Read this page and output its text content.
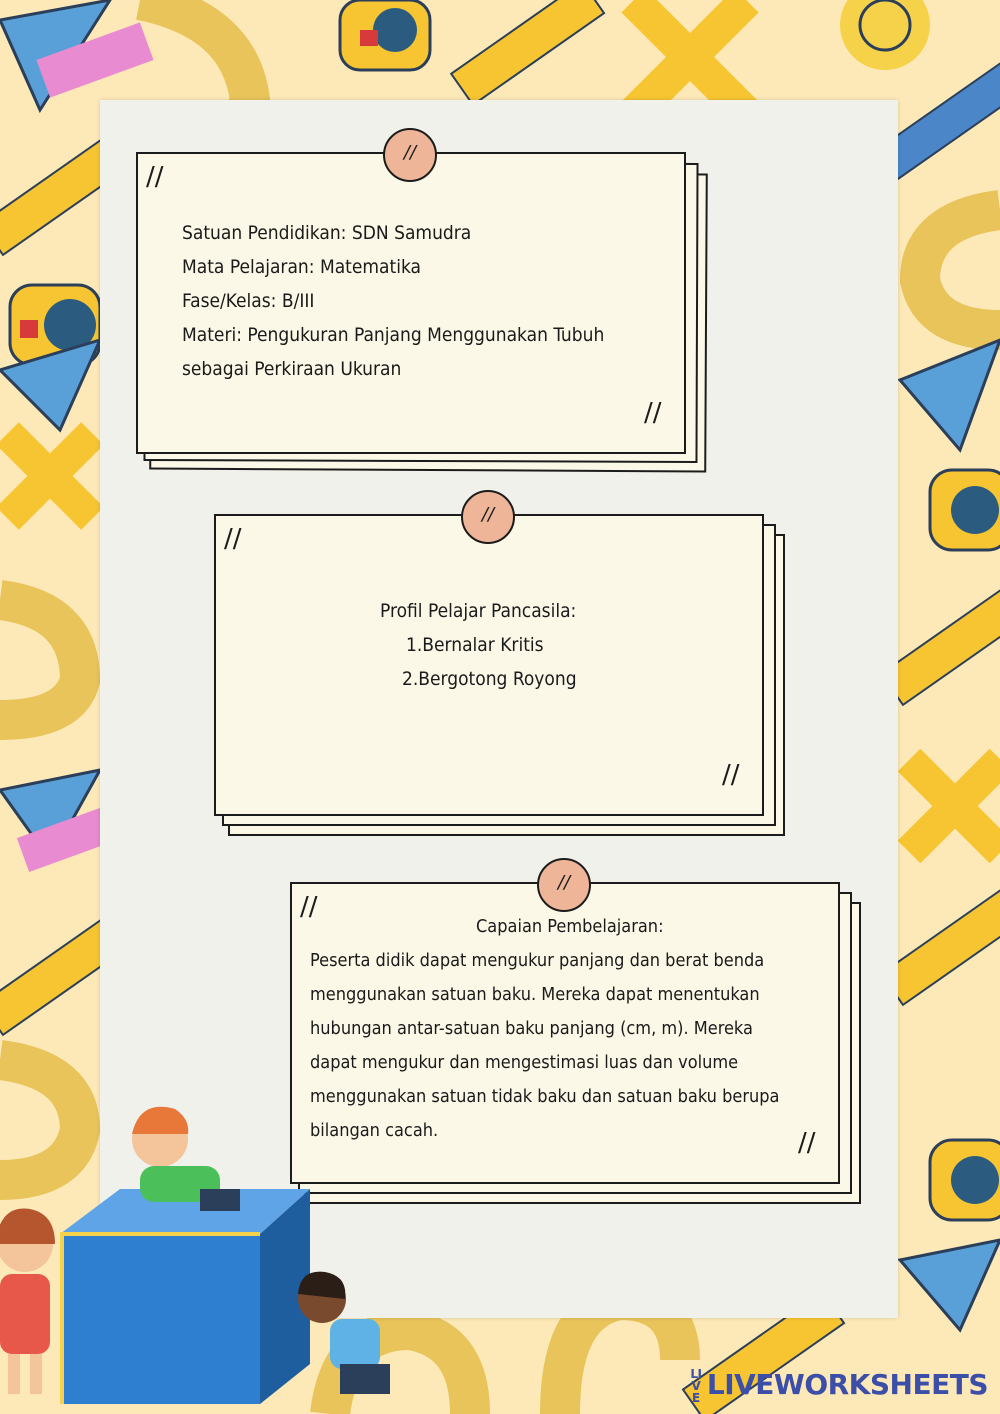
//
//
//
Satuan Pendidikan: SDN Samudra
Mata Pelajaran: Matematika
Fase/Kelas: B/III
Materi: Pengukuran Panjang Menggunakan Tubuh
sebagai Perkiraan Ukuran
//
//
//
Profil Pelajar Pancasila:
1.Bernalar Kritis
2.Bergotong Royong
//
//
//
Capaian Pembelajaran:
Peserta didik dapat mengukur panjang dan berat benda
menggunakan satuan baku. Mereka dapat menentukan
hubungan antar-satuan baku panjang (cm, m). Mereka
dapat mengukur dan mengestimasi luas dan volume
menggunakan satuan tidak baku dan satuan baku berupa
bilangan cacah.
LIVE LIVEWORKSHEETS
